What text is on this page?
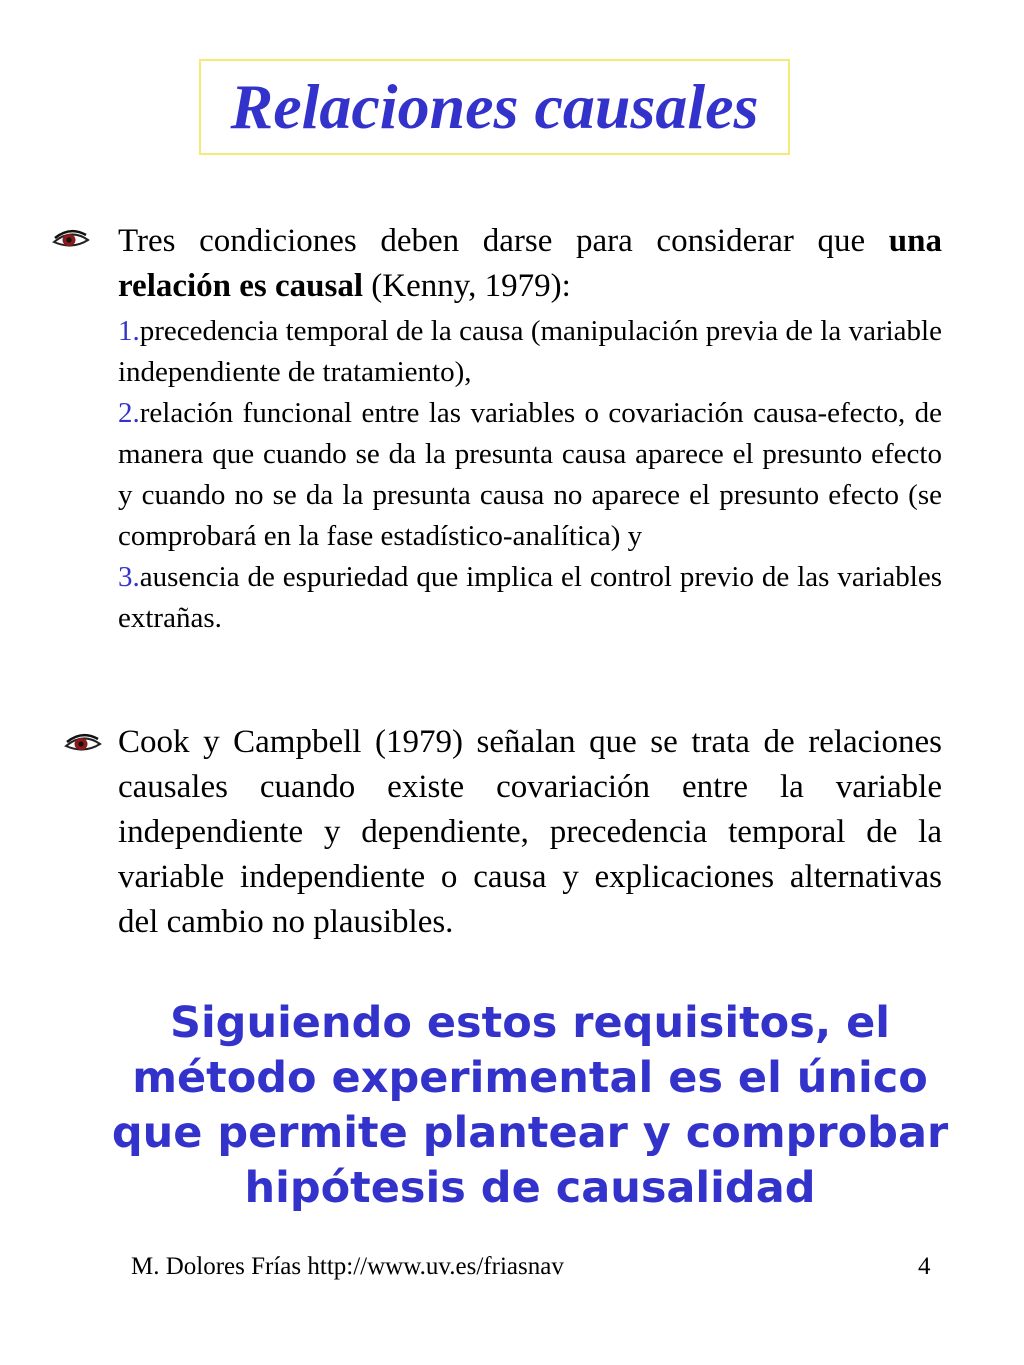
Relaciones causales

Tres condiciones deben darse para considerar que una relación es causal (Kenny, 1979):

1.precedencia temporal de la causa (manipulación previa de la variable independiente de tratamiento),

2.relación funcional entre las variables o covariación causa-efecto, de manera que cuando se da la presunta causa aparece el presunto efecto y cuando no se da la presunta causa no aparece el presunto efecto (se comprobará en la fase estadístico-analítica) y

3.ausencia de espuriedad que implica el control previo de las variables extrañas.

Cook y Campbell (1979) señalan que se trata de relaciones causales cuando existe covariación entre la variable independiente y dependiente, precedencia temporal de la variable independiente o causa y explicaciones alternativas del cambio no plausibles.

Siguiendo estos requisitos, el
método experimental es el único
que permite plantear y comprobar
hipótesis de causalidad
M. Dolores Frías http://www.uv.es/friasnav	4
